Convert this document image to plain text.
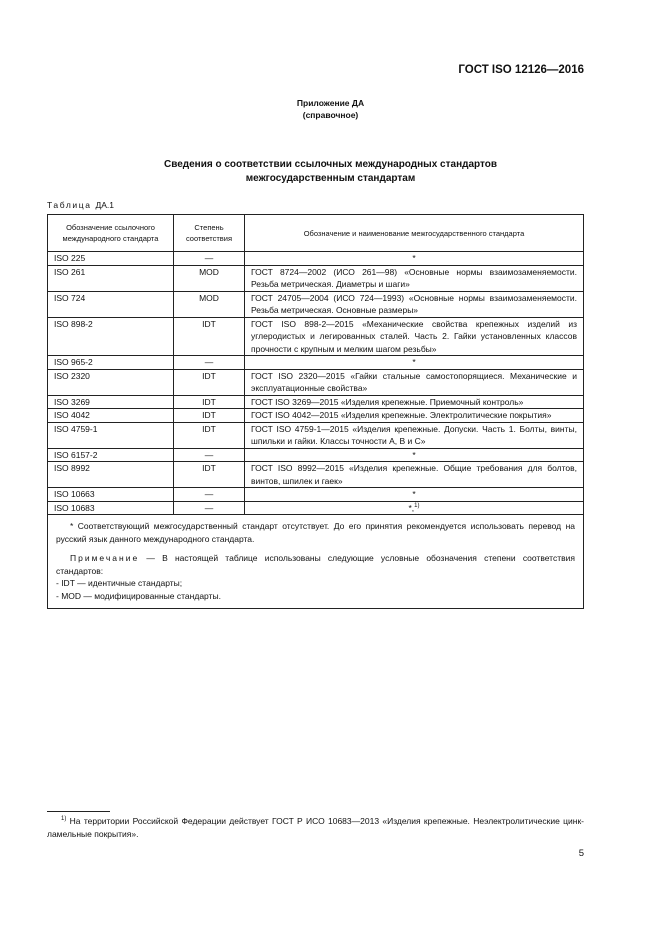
ГОСТ ISO 12126—2016
Приложение ДА
(справочное)
Сведения о соответствии ссылочных международных стандартов
межгосударственным стандартам
Таблица ДА.1
Обозначение ссылочного международного стандарта	Степень соответствия	Обозначение и наименование межгосударственного стандарта
ISO 225	—	*
ISO 261	MOD	ГОСТ 8724—2002 (ИСО 261—98) «Основные нормы взаимозаменяемости. Резьба метрическая. Диаметры и шаги»
ISO 724	MOD	ГОСТ 24705—2004 (ИСО 724—1993) «Основные нормы взаимозаменяемости. Резьба метрическая. Основные размеры»
ISO 898-2	IDT	ГОСТ ISO 898-2—2015 «Механические свойства крепежных изделий из углеродистых и легированных сталей. Часть 2. Гайки установленных классов прочности с крупным и мелким шагом резьбы»
ISO 965-2	—	*
ISO 2320	IDT	ГОСТ ISO 2320—2015 «Гайки стальные самостопорящиеся. Механические и эксплуатационные свойства»
ISO 3269	IDT	ГОСТ ISO 3269—2015 «Изделия крепежные. Приемочный контроль»
ISO 4042	IDT	ГОСТ ISO 4042—2015 «Изделия крепежные. Электролитические покрытия»
ISO 4759-1	IDT	ГОСТ ISO 4759-1—2015 «Изделия крепежные. Допуски. Часть 1. Болты, винты, шпильки и гайки. Классы точности A, B и C»
ISO 6157-2	—	*
ISO 8992	IDT	ГОСТ ISO 8992—2015 «Изделия крепежные. Общие требования для болтов, винтов, шпилек и гаек»
ISO 10663	—	*
ISO 10683	—	*,$^{1)}$

* Соответствующий межгосударственный стандарт отсутствует. До его принятия рекомендуется использовать перевод на русский язык данного международного стандарта.

Примечание — В настоящей таблице использованы следующие условные обозначения степени соответствия стандартов:

- IDT — идентичные стандарты;

- MOD — модифицированные стандарты.		

$^{1)}$ На территории Российской Федерации действует ГОСТ Р ИСО 10683—2013 «Изделия крепежные. Неэлектролитические цинк-ламельные покрытия».
5
